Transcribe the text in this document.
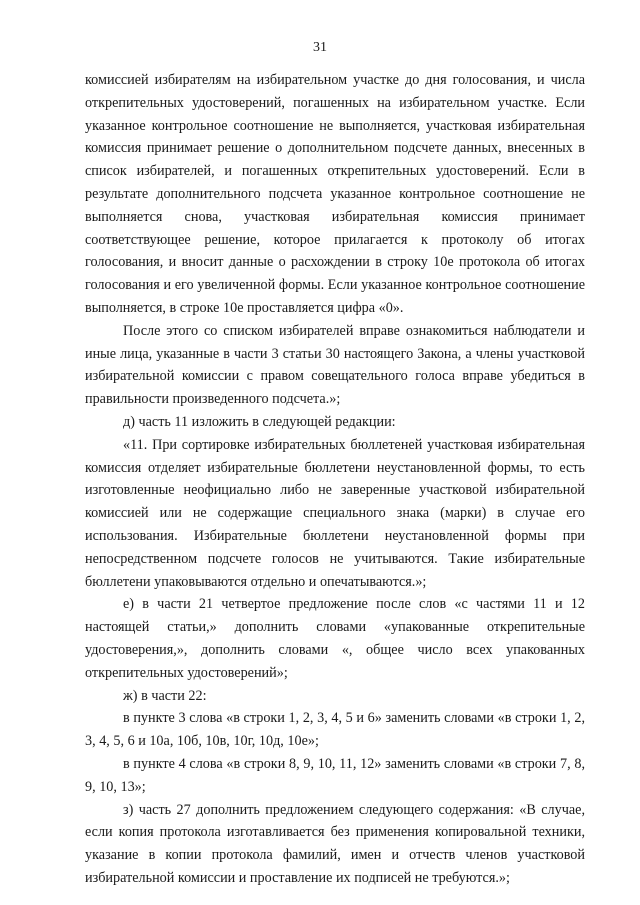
31

комиссией избирателям на избирательном участке до дня голосования, и числа открепительных удостоверений, погашенных на избирательном участке. Если указанное контрольное соотношение не выполняется, участковая избирательная комиссия принимает решение о дополнительном подсчете данных, внесенных в список избирателей, и погашенных открепительных удостоверений. Если в результате дополнительного подсчета указанное контрольное соотношение не выполняется снова, участковая избирательная комиссия принимает соответствующее решение, которое прилагается к протоколу об итогах голосования, и вносит данные о расхождении в строку 10е протокола об итогах голосования и его увеличенной формы. Если указанное контрольное соотношение выполняется, в строке 10е проставляется цифра «0».

После этого со списком избирателей вправе ознакомиться наблюдатели и иные лица, указанные в части 3 статьи 30 настоящего Закона, а члены участковой избирательной комиссии с правом совещательного голоса вправе убедиться в правильности произведенного подсчета.»;

д) часть 11 изложить в следующей редакции:

«11. При сортировке избирательных бюллетеней участковая избирательная комиссия отделяет избирательные бюллетени неустановленной формы, то есть изготовленные неофициально либо не заверенные участковой избирательной комиссией или не содержащие специального знака (марки) в случае его использования. Избирательные бюллетени неустановленной формы при непосредственном подсчете голосов не учитываются. Такие избирательные бюллетени упаковываются отдельно и опечатываются.»;

е) в части 21 четвертое предложение после слов «с частями 11 и 12 настоящей статьи,» дополнить словами «упакованные открепительные удостоверения,», дополнить словами «, общее число всех упакованных открепительных удостоверений»;

ж) в части 22:

в пункте 3 слова «в строки 1, 2, 3, 4, 5 и 6» заменить словами «в строки 1, 2, 3, 4, 5, 6 и 10а, 10б, 10в, 10г, 10д, 10е»;

в пункте 4 слова «в строки 8, 9, 10, 11, 12» заменить словами «в строки 7, 8, 9, 10, 13»;

з) часть 27 дополнить предложением следующего содержания: «В случае, если копия протокола изготавливается без применения копировальной техники, указание в копии протокола фамилий, имен и отчеств членов участковой избирательной комиссии и проставление их подписей не требуются.»;
